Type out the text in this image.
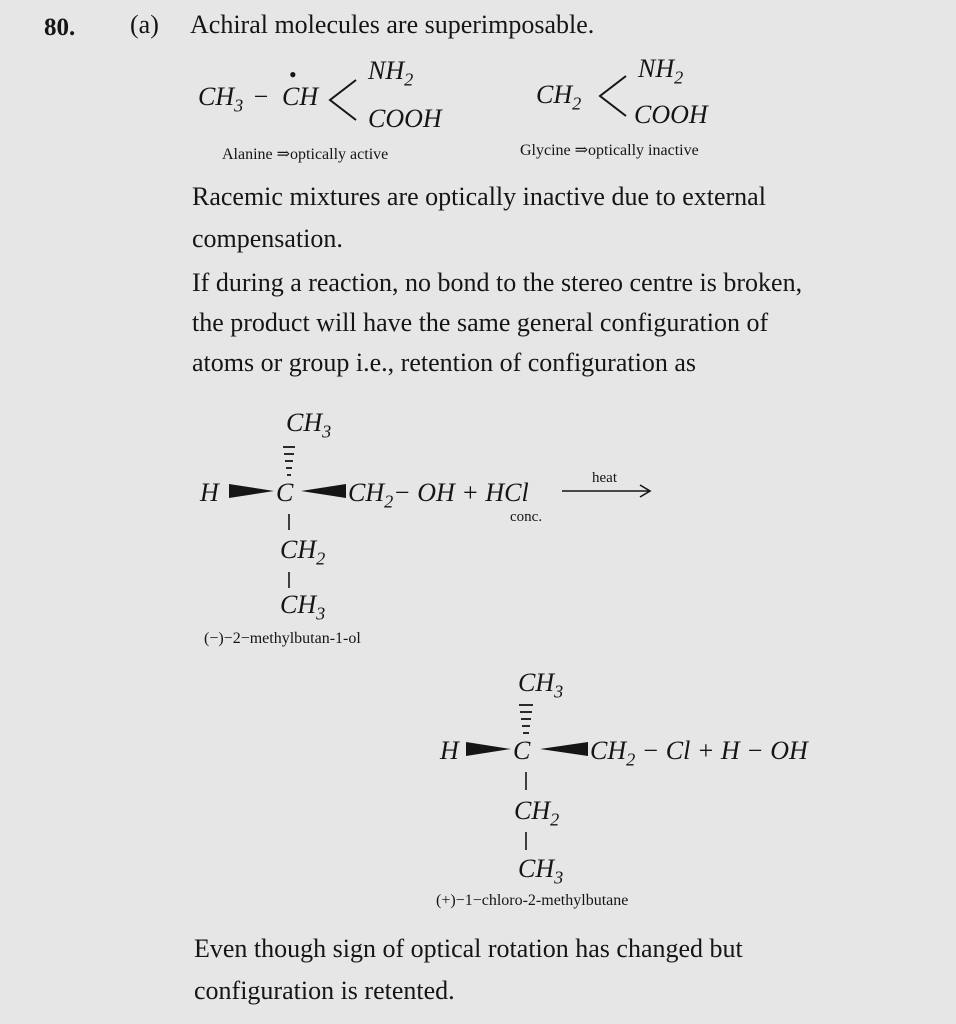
80. (a) Achiral molecules are superimposable.
$CH_3$ − CH
•	$NH_2$
COOH
Alanine ⇒optically active
$CH_2$
$NH_2$
COOH
Glycine ⇒optically inactive
Racemic mixtures are optically inactive due to external
compensation.
If during a reaction, no bond to the stereo centre is broken,
the product will have the same general configuration of
atoms or group i.e., retention of configuration as
$CH_3$
H C $CH_2-$ OH + HCl
$CH_2$
$CH_3$
heat
conc.
(−)−2−methylbutan-1-ol
$CH_3$
H C $CH_2 - Cl + H$ − OH
$CH_2$
$CH_3$
(+)−1−chloro-2-methylbutane
Even though sign of optical rotation has changed but
configuration is retented.
